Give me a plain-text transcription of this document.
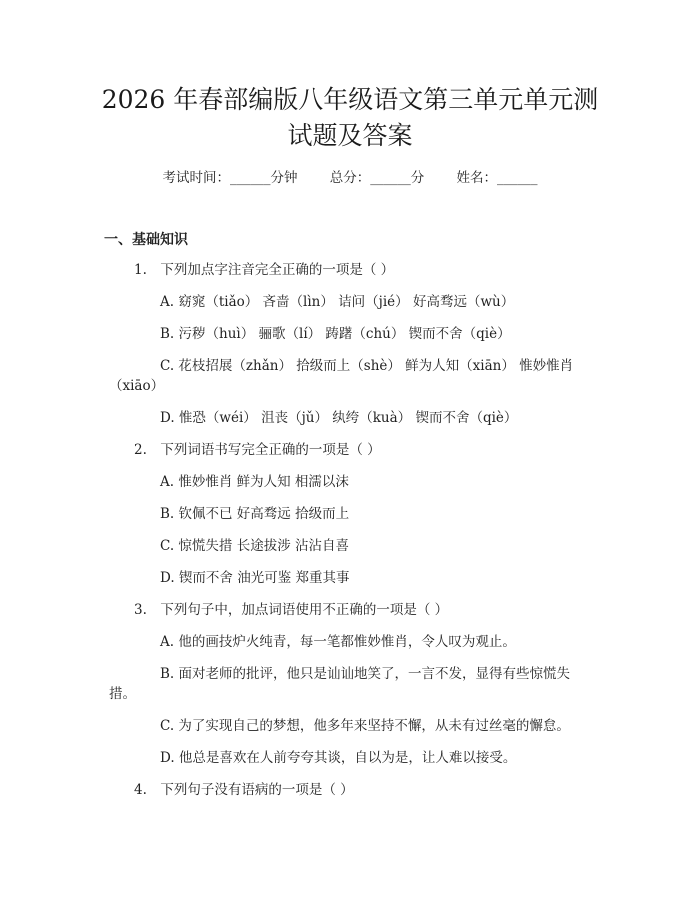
2026 年春部编版八年级语文第三单元单元测
试题及答案
考试时间：______分钟 总分：______分 姓名：______
一、基础知识
1.　下列加点字注音完全正确的一项是（ ）
A. 窈窕（tiǎo） 吝啬（lìn） 诘问（jié） 好高骛远（wù）
B. 污秽（huì） 骊歌（lí） 踌躇（chú） 锲而不舍（qiè）
C. 花枝招展（zhǎn） 拾级而上（shè） 鲜为人知（xiān） 惟妙惟肖
（xiāo）
D. 惟恐（wéi） 沮丧（jǔ） 纨绔（kuà） 锲而不舍（qiè）
2.　下列词语书写完全正确的一项是（ ）
A. 惟妙惟肖 鲜为人知 相濡以沫
B. 钦佩不已 好高骛远 拾级而上
C. 惊慌失措 长途拔涉 沾沾自喜
D. 锲而不舍 油光可鉴 郑重其事
3.　下列句子中，加点词语使用不正确的一项是（ ）
A. 他的画技炉火纯青，每一笔都惟妙惟肖，令人叹为观止。
B. 面对老师的批评，他只是讪讪地笑了，一言不发，显得有些惊慌失
措。
C. 为了实现自己的梦想，他多年来坚持不懈，从未有过丝毫的懈怠。
D. 他总是喜欢在人前夸夸其谈，自以为是，让人难以接受。
4.　下列句子没有语病的一项是（ ）
